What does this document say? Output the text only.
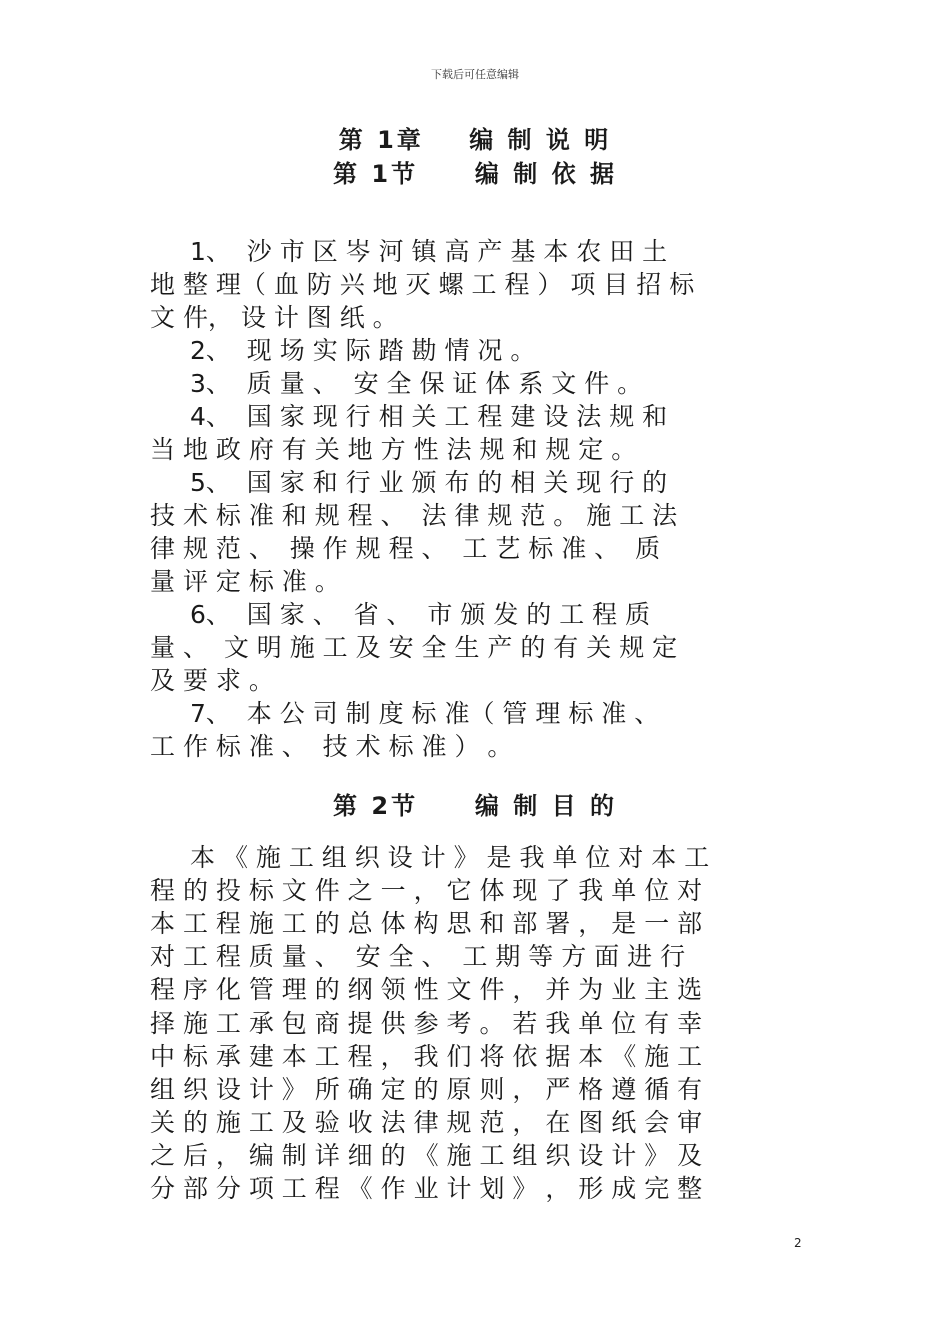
下载后可任意编辑
第 1章    编 制 说 明
第 1节     编 制 依 据
1、  沙 市 区 岑 河 镇 高 产 基 本 农 田 土
地 整 理（ 血 防 兴 地 灭 螺 工 程 ） 项 目 招 标
文 件， 设 计 图 纸 。
2、  现 场 实 际 踏 勘 情 况 。
3、  质 量 、  安 全 保 证 体 系 文 件 。
4、  国 家 现 行 相 关 工 程 建 设 法 规 和
当 地 政 府 有 关 地 方 性 法 规 和 规 定 。
5、  国 家 和 行 业 颁 布 的 相 关 现 行 的
技 术 标 准 和 规 程 、  法 律 规 范 。 施 工 法
律 规 范 、  操 作 规 程 、  工 艺 标 准 、  质
量 评 定 标 准 。
6、  国 家 、  省 、  市 颁 发 的 工 程 质
量 、  文 明 施 工 及 安 全 生 产 的 有 关 规 定
及 要 求 。
7、  本 公 司 制 度 标 准（ 管 理 标 准 、
工 作 标 准 、  技 术 标 准 ） 。
第 2节     编 制 目 的
本 《 施 工 组 织 设 计 》 是 我 单 位 对 本 工
程 的 投 标 文 件 之 一 ， 它 体 现 了 我 单 位 对
本 工 程 施 工 的 总 体 构 思 和 部 署 ， 是 一 部
对 工 程 质 量 、  安 全 、  工 期 等 方 面 进 行
程 序 化 管 理 的 纲 领 性 文 件 ， 并 为 业 主 选
择 施 工 承 包 商 提 供 参 考 。 若 我 单 位 有 幸
中 标 承 建 本 工 程 ， 我 们 将 依 据 本 《 施 工
组 织 设 计 》 所 确 定 的 原 则 ， 严 格 遵 循 有
关 的 施 工 及 验 收 法 律 规 范 ， 在 图 纸 会 审
之 后 ， 编 制 详 细 的 《 施 工 组 织 设 计 》 及
分 部 分 项 工 程 《 作 业 计 划 》 ， 形 成 完 整
2
